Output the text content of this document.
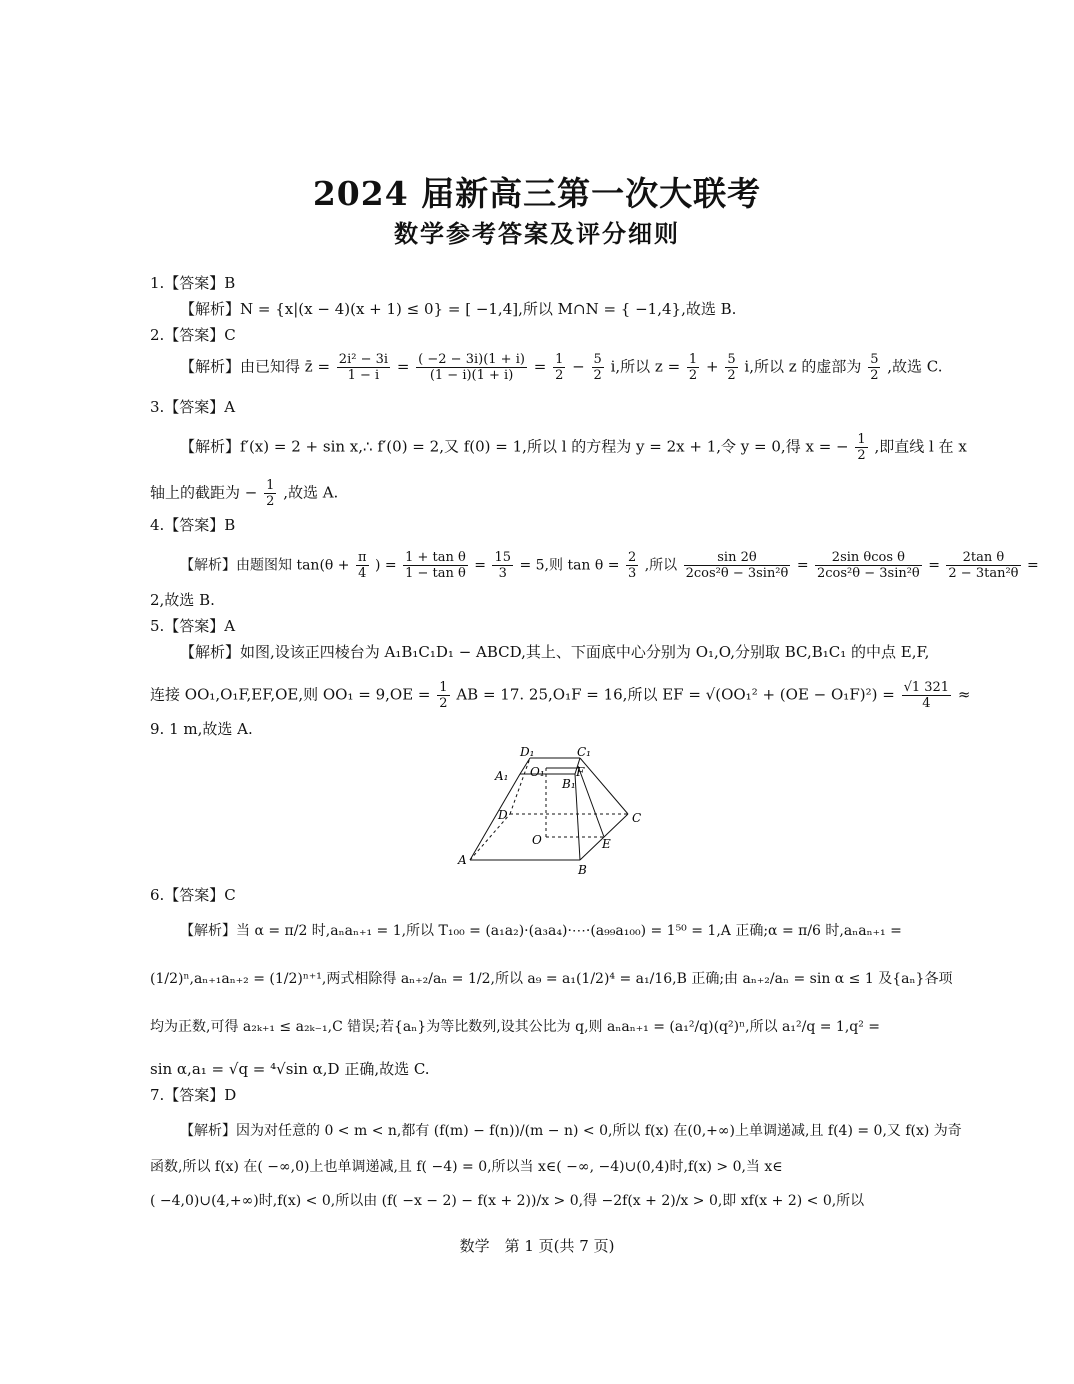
2024 届新高三第一次大联考
数学参考答案及评分细则
1.【答案】B
【解析】N = {x|(x − 4)(x + 1) ≤ 0} = [ −1,4],所以 M∩N = { −1,4},故选 B.
2.【答案】C
【解析】由已知得 z̄ = $\frac{\text{2i² − 3i}}{1 - i} = \frac{( -2 - 3i)(1 + i)}{(1 - i)(1 + i)} = \frac{1}{2} - \frac{5}{2} i$,所以 $z = \frac{1}{2} + \frac{5}{2} i$,所以 z 的虚部为 $\frac{5}{2}$ ,故选 C.
3.【答案】A
【解析】f′(x) = 2 + sin x,∴ f′(0) = 2,又 f(0) = 1,所以 l 的方程为 y = 2x + 1,令 y = 0,得 x = − $\frac{1}{2}$ ,即直线 l 在 x
轴上的截距为 − $\frac{1}{2}$ ,故选 A.
4.【答案】B
【解析】由题图知 $\tan(\theta + \frac{\pi}{4}$ ) = $\frac{\text{1 + tan θ}}{\text{1 − tan θ}} = \frac{15}{3} = 5$,则 $\tan \theta = \frac{2}{3}$ ,所以 $\frac{\sin 2\theta}{\text{2cos²θ − 3sin²θ}} = \frac{\text{2sin θcos θ}}{\text{2cos²θ − 3sin²θ}} = \frac{\text{2tan θ}}{\text{2 − 3tan²θ}}$ =
2,故选 B.
5.【答案】A
【解析】如图,设该正四棱台为 A₁B₁C₁D₁ − ABCD,其上、下面底中心分别为 O₁,O,分别取 BC,B₁C₁ 的中点 E,F,
连接 OO₁,O₁F,EF,OE,则 $OO_1 = 9,OE = \frac{1}{2}$ AB = 17. 25,O₁F = 16,所以 EF = $√(OO_1^2 + (OE - O_1F)^2) = \frac{√1 321}{4}$ ≈
9. 1 m,故选 A.
D₁	C₁
A₁ O₁	F
B₁
D	C
O	E
A
B
6.【答案】C
【解析】当 α = π/2 时,aₙaₙ₊₁ = 1,所以 T₁₀₀ = (a₁a₂)·(a₃a₄)·⋯·(a₉₉a₁₀₀) = 1⁵⁰ = 1,A 正确;α = π/6 时,aₙaₙ₊₁ =
(1/2)ⁿ,aₙ₊₁aₙ₊₂ = (1/2)ⁿ⁺¹,两式相除得 aₙ₊₂/aₙ = 1/2,所以 a₉ = a₁(1/2)⁴ = a₁/16,B 正确;由 aₙ₊₂/aₙ = sin α ≤ 1 及{aₙ}各项
均为正数,可得 a₂ₖ₊₁ ≤ a₂ₖ₋₁,C 错误;若{aₙ}为等比数列,设其公比为 q,则 aₙaₙ₊₁ = (a₁²/q)(q²)ⁿ,所以 a₁²/q = 1,q² =
sin α,a₁ = √q = ⁴√sin α,D 正确,故选 C.
7.【答案】D
【解析】因为对任意的 0 < m < n,都有 (f(m) − f(n))/(m − n) < 0,所以 f(x) 在(0,+∞)上单调递减,且 f(4) = 0,又 f(x) 为奇
函数,所以 f(x) 在( −∞,0)上也单调递减,且 f( −4) = 0,所以当 x∈( −∞, −4)∪(0,4)时,f(x) > 0,当 x∈
( −4,0)∪(4,+∞)时,f(x) < 0,所以由 (f( −x − 2) − f(x + 2))/x > 0,得 −2f(x + 2)/x > 0,即 xf(x + 2) < 0,所以
数学　第 1 页(共 7 页)
